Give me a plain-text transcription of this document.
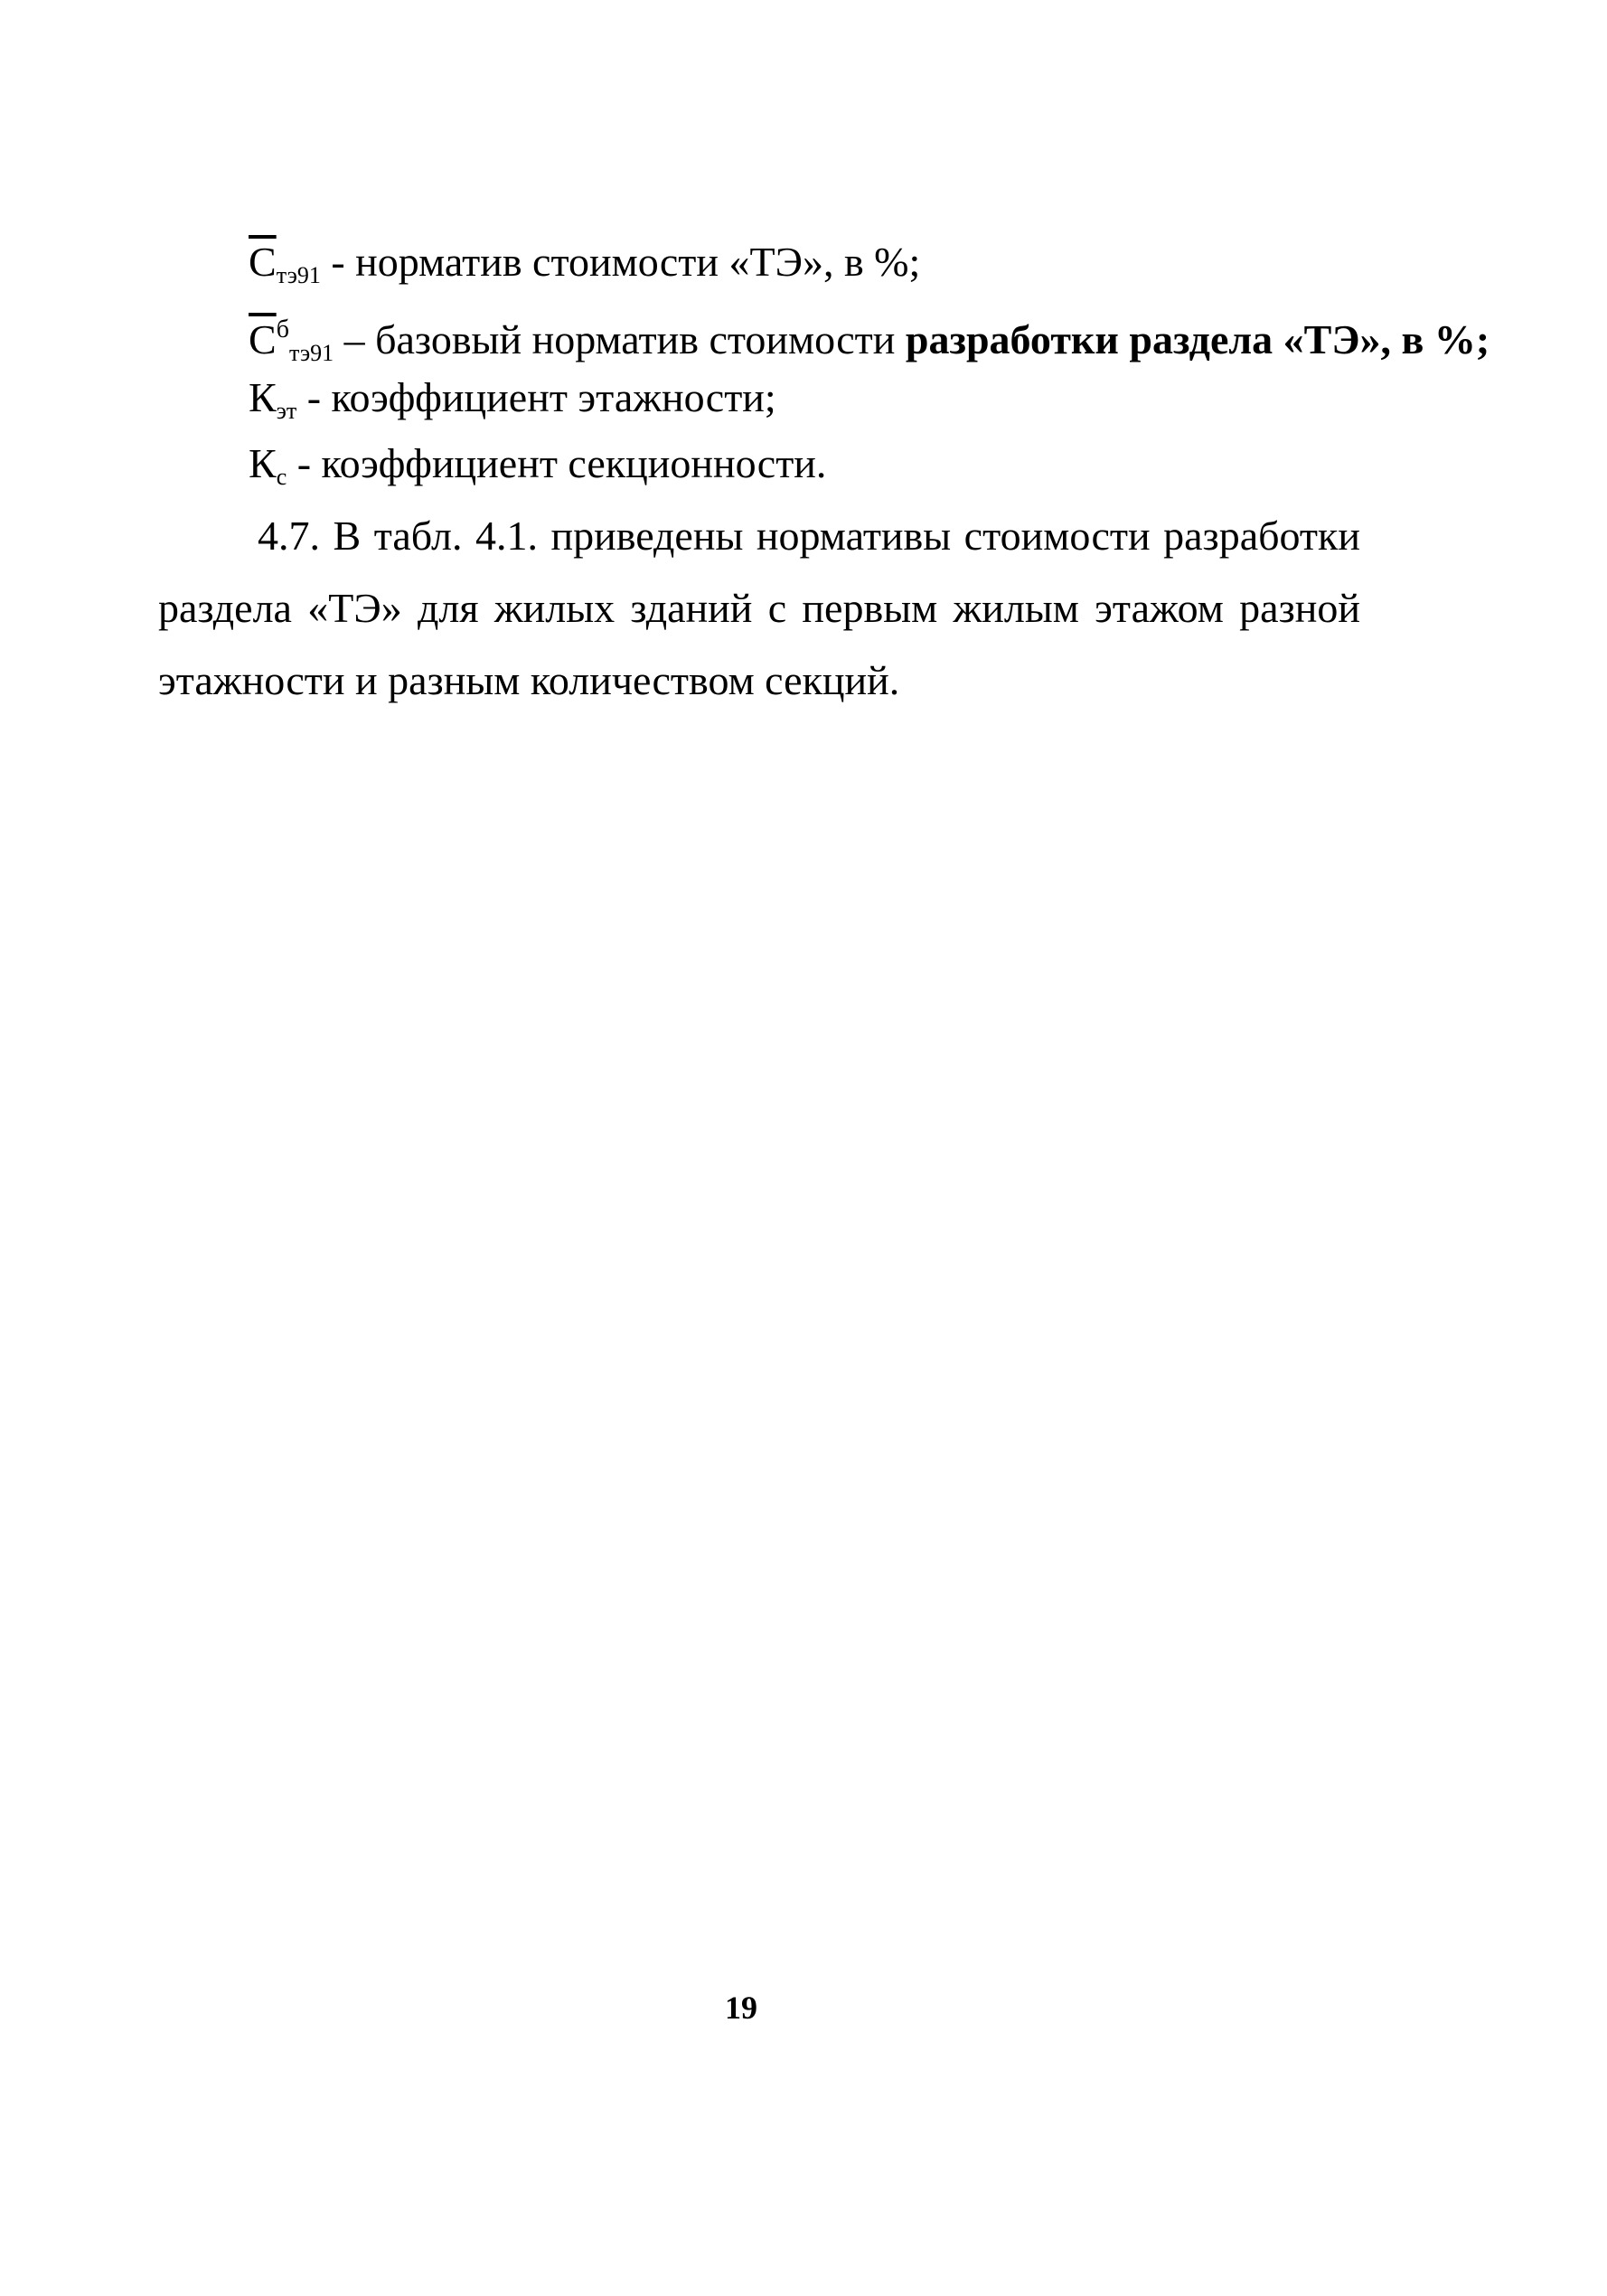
$\overline{C}_{тэ91}$ - норматив стоимости «ТЭ», в %;
$\overline{C}^бтэ91$ – базовый норматив стоимости разработки раздела «ТЭ», в %;
$К_{эт}$ - коэффициент этажности;
$К_с$ - коэффициент секционности.
4.7. В табл. 4.1. приведены нормативы стоимости разработки раздела «ТЭ» для жилых зданий с первым жилым этажом разной этажности и разным количеством секций.
19
